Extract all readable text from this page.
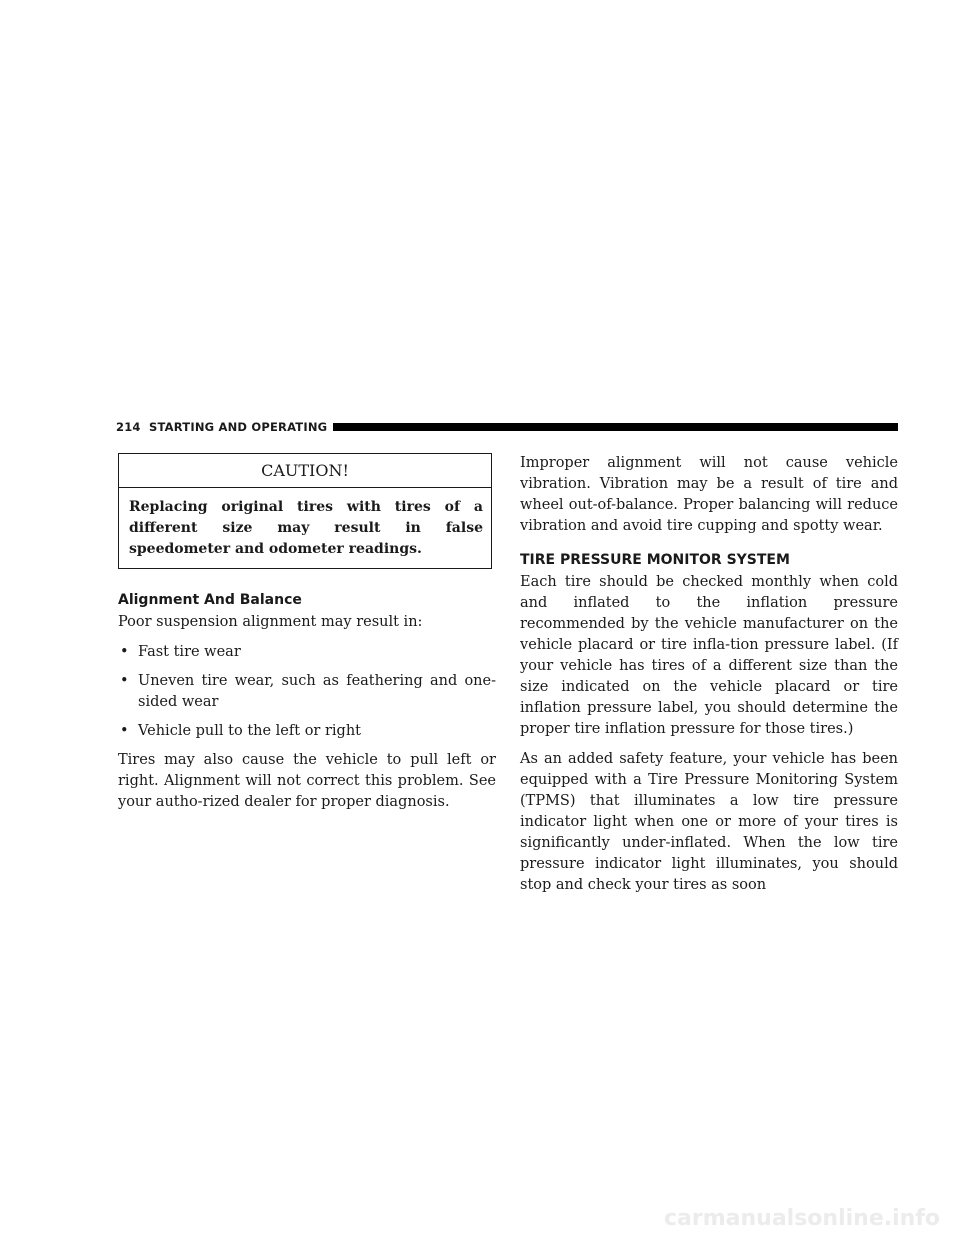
214 STARTING AND OPERATING
CAUTION!
Replacing original tires with tires of a different size may result in false speedometer and odometer readings.
Alignment And Balance

Poor suspension alignment may result in:

• Fast tire wear
• Uneven tire wear, such as feathering and one-sided wear
• Vehicle pull to the left or right

Tires may also cause the vehicle to pull left or right. Alignment will not correct this problem. See your autho-rized dealer for proper diagnosis.

Improper alignment will not cause vehicle vibration. Vibration may be a result of tire and wheel out-of-balance. Proper balancing will reduce vibration and avoid tire cupping and spotty wear.

TIRE PRESSURE MONITOR SYSTEM

Each tire should be checked monthly when cold and inflated to the inflation pressure recommended by the vehicle manufacturer on the vehicle placard or tire infla-tion pressure label. (If your vehicle has tires of a different size than the size indicated on the vehicle placard or tire inflation pressure label, you should determine the proper tire inflation pressure for those tires.)

As an added safety feature, your vehicle has been equipped with a Tire Pressure Monitoring System (TPMS) that illuminates a low tire pressure indicator light when one or more of your tires is significantly under-inflated. When the low tire pressure indicator light illuminates, you should stop and check your tires as soon

carmanualsonline.info
